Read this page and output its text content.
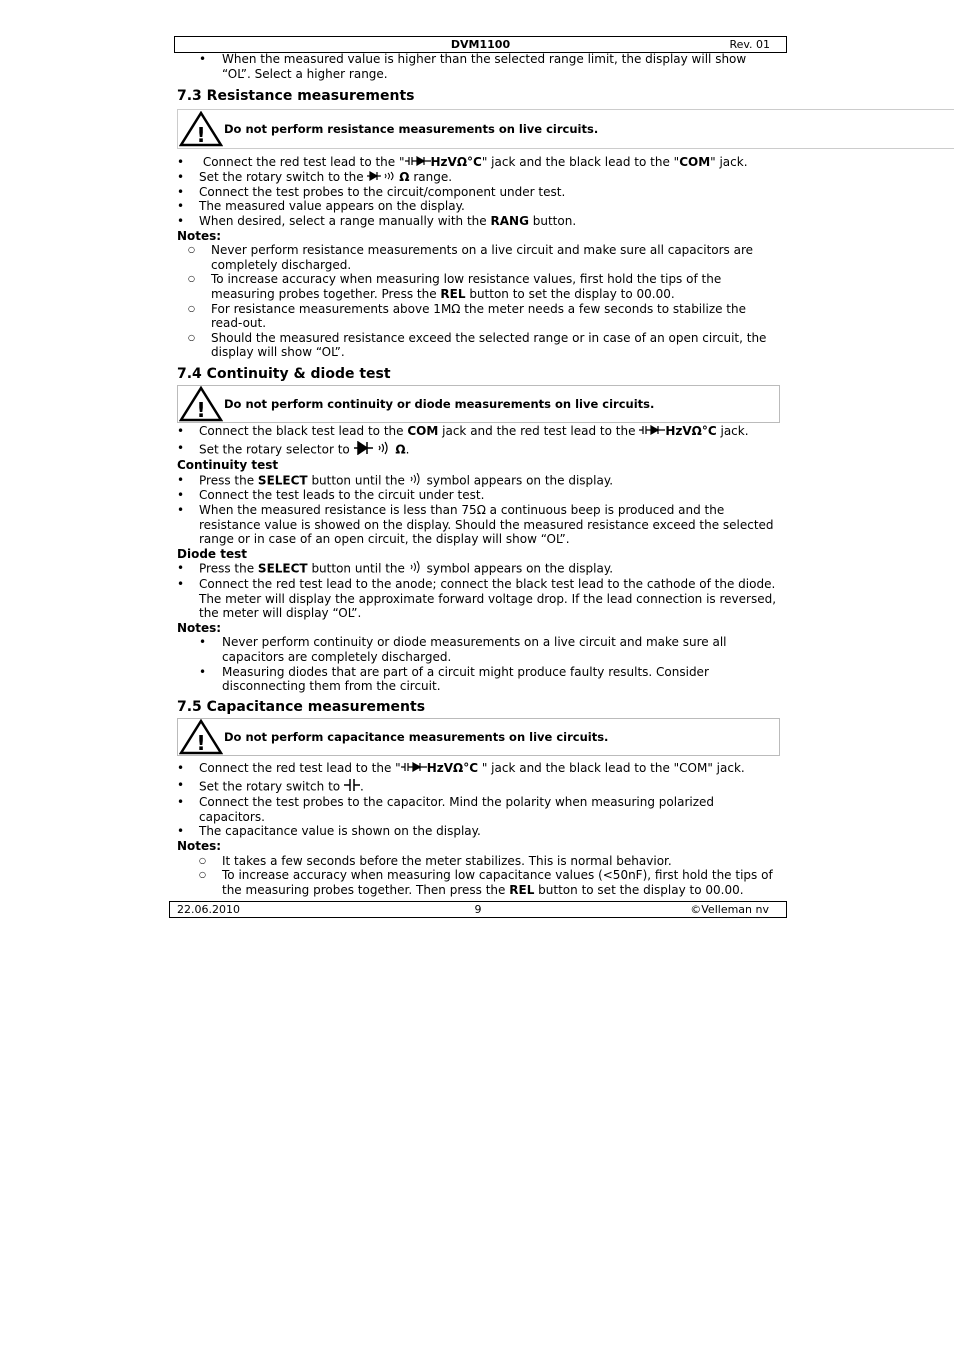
DVM1100	Rev. 01
• When the measured value is higher than the selected range limit, the display will show “OL”. Select a higher range.
7.3 Resistance measurements
! Do not perform resistance measurements on live circuits.
• Connect the red test lead to the " HzVΩ°C" jack and the black lead to the "COM" jack.
• Set the rotary switch to the	Ω range.
• Connect the test probes to the circuit/component under test.
• The measured value appears on the display.
• When desired, select a range manually with the RANG button.
Notes:
○ Never perform resistance measurements on a live circuit and make sure all capacitors are completely discharged.
○ To increase accuracy when measuring low resistance values, first hold the tips of the measuring probes together. Press the REL button to set the display to 00.00.
○ For resistance measurements above 1MΩ the meter needs a few seconds to stabilize the read-out.
○ Should the measured resistance exceed the selected range or in case of an open circuit, the display will show “OL”.
7.4 Continuity & diode test
! Do not perform continuity or diode measurements on live circuits.
• Connect the black test lead to the COM jack and the red test lead to the HzVΩ°C jack.
• Set the rotary selector to	Ω.
Continuity test
• Press the SELECT button until the symbol appears on the display.
• Connect the test leads to the circuit under test.
• When the measured resistance is less than 75Ω a continuous beep is produced and the resistance value is showed on the display. Should the measured resistance exceed the selected range or in case of an open circuit, the display will show “OL”.
Diode test
• Press the SELECT button until the symbol appears on the display.
• Connect the red test lead to the anode; connect the black test lead to the cathode of the diode. The meter will display the approximate forward voltage drop. If the lead connection is reversed, the meter will display “OL”.
Notes:
• Never perform continuity or diode measurements on a live circuit and make sure all capacitors are completely discharged.
• Measuring diodes that are part of a circuit might produce faulty results. Consider disconnecting them from the circuit.
7.5 Capacitance measurements
! Do not perform capacitance measurements on live circuits.
• Connect the red test lead to the " HzVΩ°C " jack and the black lead to the "COM" jack.
• Set the rotary switch to .
• Connect the test probes to the capacitor. Mind the polarity when measuring polarized capacitors.
• The capacitance value is shown on the display.
Notes:
○ It takes a few seconds before the meter stabilizes. This is normal behavior.
○ To increase accuracy when measuring low capacitance values (<50nF), first hold the tips of the measuring probes together. Then press the REL button to set the display to 00.00.
22.06.2010	9	©Velleman nv
